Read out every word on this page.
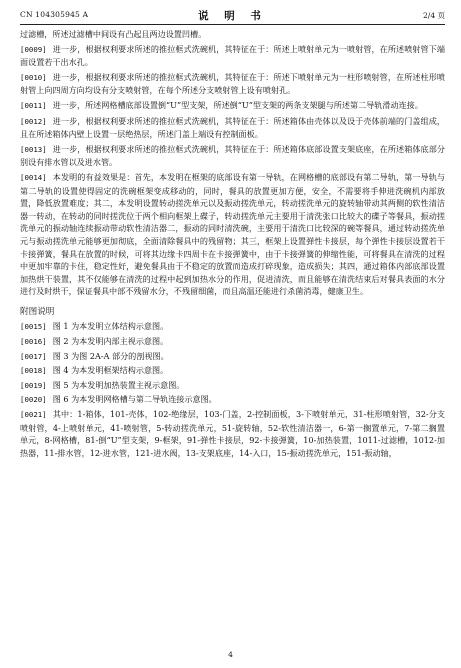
CN 104305945 A	说 明 书	2/4 页

过滤槽，所述过滤槽中间设有凸起且两边设置凹槽。

[0009] 进一步，根据权利要求所述的推拉框式洗碗机，其特征在于：所述上喷射单元为一喷射管，在所述喷射管下端面设置若干出水孔。

[0010] 进一步，根据权利要求所述的推拉框式洗碗机，其特征在于：所述下喷射单元为一柱形喷射管，在所述柱形喷射管上向四周方向均设有分支喷射管，在每个所述分支喷射管上设有喷射孔。

[0011] 进一步，所述网格槽底部设置倒“U”型支架，所述倒“U”型支架的两条支架腿与所述第二导轨滑动连接。

[0012] 进一步，根据权利要求所述的推拉框式洗碗机，其特征在于：所述箱体由壳体以及设于壳体前端的门盖组成，且在所述箱体内壁上设置一层绝热层，所述门盖上端设有控制面板。

[0013] 进一步，根据权利要求所述的推拉框式洗碗机，其特征在于：所述箱体底部设置支架底座，在所述箱体底部分别设有排水管以及进水管。

[0014] 本发明的有益效果是：首先，本发明在框架的底部设有第一导轨，在网格槽的底部设有第二导轨，第一导轨与第二导轨的设置使得固定的洗碗框架变成移动的，同时，餐具的放置更加方便，安全，不需要将手伸进洗碗机内部放置，降低放置难度；其二，本发明设置转动搓洗单元以及振动搓洗单元，转动搓洗单元的旋转轴带动其两侧的软性清洁器一转动，在转动的同时搓洗位于两个相向框架上碟子，转动搓洗单元主要用于清洗张口比较大的碟子等餐具，振动搓洗单元的振动轴连续振动带动软性清洁器二，振动的同时清洗碗，主要用于清洗口比较深的碗等餐具，通过转动搓洗单元与振动搓洗单元能够更加彻底，全面清除餐具中的残留物；其三，框架上设置弹性卡接层，每个弹性卡接层设置若干卡接弹簧，餐具在放置的时候，可将其边缘卡四周卡在卡接弹簧中，由于卡接弹簧的伸缩性能，可将餐具在清洗的过程中更加牢靠的卡住，稳定性好，避免餐具由于不稳定的放置而造成打碎现象，造成损失；其四，通过箱体内部底部设置加热烘干装置，其不仅能够在清洗的过程中起到加热水分的作用，促进清洗，而且能够在清洗结束后对餐具表面的水分进行及时烘干，保证餐具中部不残留水分，不残留细菌，而且高温还能进行杀菌消毒，健康卫生。

附图说明

[0015] 图 1 为本发明立体结构示意图。

[0016] 图 2 为本发明内部主视示意图。

[0017] 图 3 为图 2A-A 部分的剖视图。

[0018] 图 4 为本发明框架结构示意图。

[0019] 图 5 为本发明加热装置主视示意图。

[0020] 图 6 为本发明网格槽与第二导轨连接示意图。

[0021] 其中：1-箱体，101-壳体，102-绝缘层，103-门盖，2-控制面板，3-下喷射单元，31-柱形喷射管，32-分支喷射管，4-上喷射单元，41-喷射管，5-转动搓洗单元，51-旋转轴，52-软性清洁器一，6-第一搁置单元，7-第二搁置单元，8-网格槽，81-倒“U”型支架，9-框架，91-弹性卡接层，92-卡接弹簧，10-加热装置，1011-过滤槽，1012-加热器，11-排水管，12-进水管，121-进水阀，13-支架底座，14-入口，15-振动搓洗单元，151-振动轴，

4
